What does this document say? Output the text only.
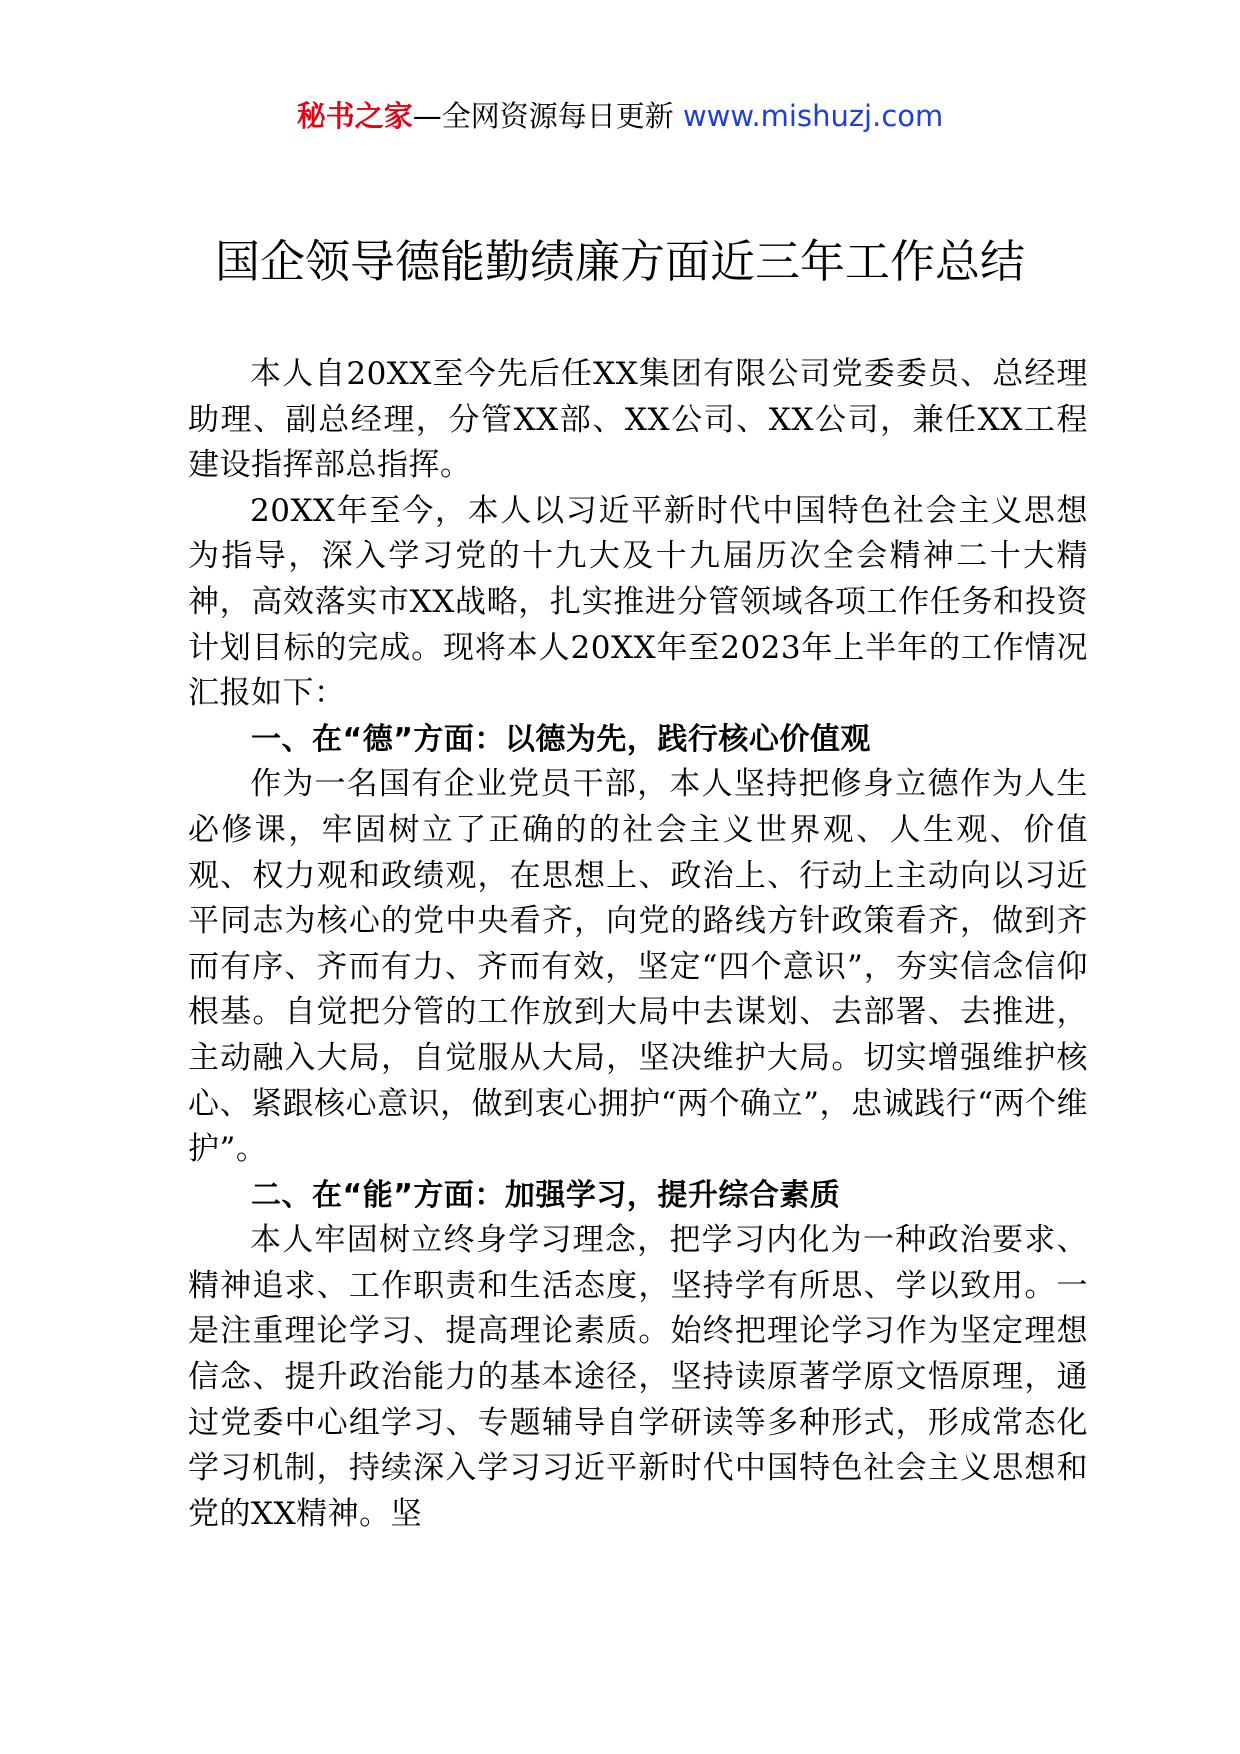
秘书之家—全网资源每日更新 www.mishuzj.com
国企领导德能勤绩廉方面近三年工作总结

本人自20XX至今先后任XX集团有限公司党委委员、总经理助理、副总经理，分管XX部、XX公司、XX公司，兼任XX工程建设指挥部总指挥。

20XX年至今，本人以习近平新时代中国特色社会主义思想为指导，深入学习党的十九大及十九届历次全会精神二十大精神，高效落实市XX战略，扎实推进分管领域各项工作任务和投资计划目标的完成。现将本人20XX年至2023年上半年的工作情况汇报如下：

一、在“德”方面：以德为先，践行核心价值观

作为一名国有企业党员干部，本人坚持把修身立德作为人生必修课，牢固树立了正确的的社会主义世界观、人生观、价值观、权力观和政绩观，在思想上、政治上、行动上主动向以习近平同志为核心的党中央看齐，向党的路线方针政策看齐，做到齐而有序、齐而有力、齐而有效，坚定“四个意识”，夯实信念信仰根基。自觉把分管的工作放到大局中去谋划、去部署、去推进，主动融入大局，自觉服从大局，坚决维护大局。切实增强维护核心、紧跟核心意识，做到衷心拥护“两个确立”，忠诚践行“两个维护”。

二、在“能”方面：加强学习，提升综合素质

本人牢固树立终身学习理念，把学习内化为一种政治要求、精神追求、工作职责和生活态度，坚持学有所思、学以致用。一是注重理论学习、提高理论素质。始终把理论学习作为坚定理想信念、提升政治能力的基本途径，坚持读原著学原文悟原理，通过党委中心组学习、专题辅导自学研读等多种形式，形成常态化学习机制，持续深入学习习近平新时代中国特色社会主义思想和党的XX精神。坚
